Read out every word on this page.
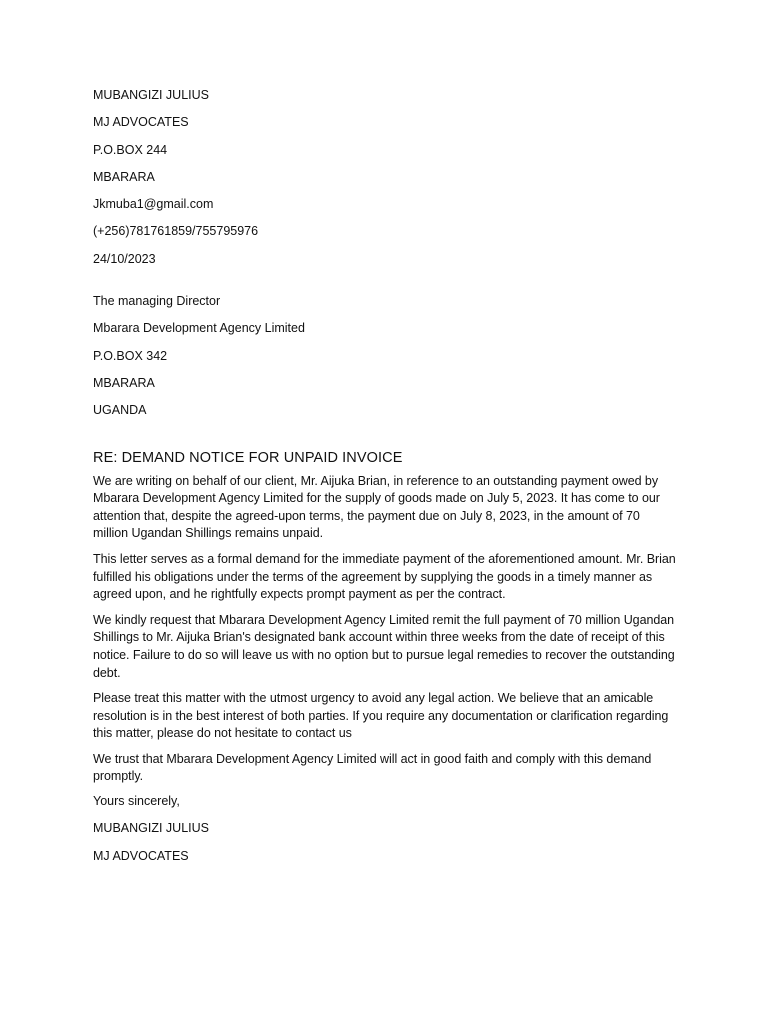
MUBANGIZI JULIUS
MJ ADVOCATES
P.O.BOX 244
MBARARA
Jkmuba1@gmail.com
(+256)781761859/755795976
24/10/2023
The managing Director
Mbarara Development Agency Limited
P.O.BOX 342
MBARARA
UGANDA
RE: DEMAND NOTICE FOR UNPAID INVOICE

We are writing on behalf of our client, Mr. Aijuka Brian, in reference to an outstanding payment owed by Mbarara Development Agency Limited for the supply of goods made on July 5, 2023. It has come to our attention that, despite the agreed-upon terms, the payment due on July 8, 2023, in the amount of 70 million Ugandan Shillings remains unpaid.

This letter serves as a formal demand for the immediate payment of the aforementioned amount. Mr. Brian fulfilled his obligations under the terms of the agreement by supplying the goods in a timely manner as agreed upon, and he rightfully expects prompt payment as per the contract.

We kindly request that Mbarara Development Agency Limited remit the full payment of 70 million Ugandan Shillings to Mr. Aijuka Brian's designated bank account within three weeks from the date of receipt of this notice. Failure to do so will leave us with no option but to pursue legal remedies to recover the outstanding debt.

Please treat this matter with the utmost urgency to avoid any legal action. We believe that an amicable resolution is in the best interest of both parties. If you require any documentation or clarification regarding this matter, please do not hesitate to contact us

We trust that Mbarara Development Agency Limited will act in good faith and comply with this demand promptly.

Yours sincerely,
MUBANGIZI JULIUS
MJ ADVOCATES
